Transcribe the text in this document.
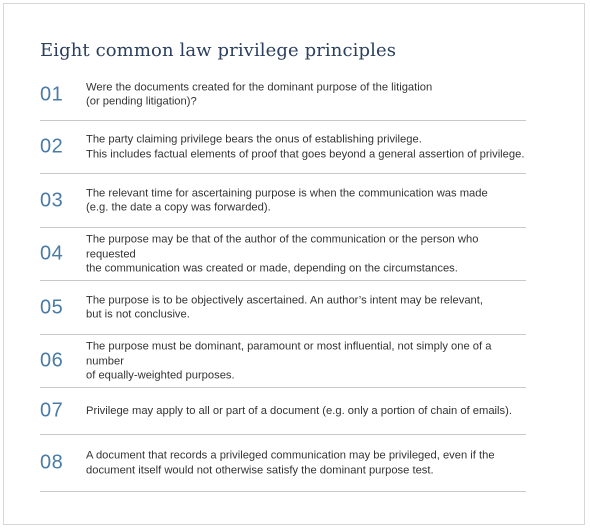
Eight common law privilege principles
01 Were the documents created for the dominant purpose of the litigation
(or pending litigation)?
02 The party claiming privilege bears the onus of establishing privilege.
This includes factual elements of proof that goes beyond a general assertion of privilege.
03 The relevant time for ascertaining purpose is when the communication was made
(e.g. the date a copy was forwarded).
04
The purpose may be that of the author of the communication or the person who requested
the communication was created or made, depending on the circumstances.
05 The purpose is to be objectively ascertained. An author’s intent may be relevant,
but is not conclusive.
06
The purpose must be dominant, paramount or most influential, not simply one of a number
of equally-weighted purposes.
07 Privilege may apply to all or part of a document (e.g. only a portion of chain of emails).
08 A document that records a privileged communication may be privileged, even if the
document itself would not otherwise satisfy the dominant purpose test.
